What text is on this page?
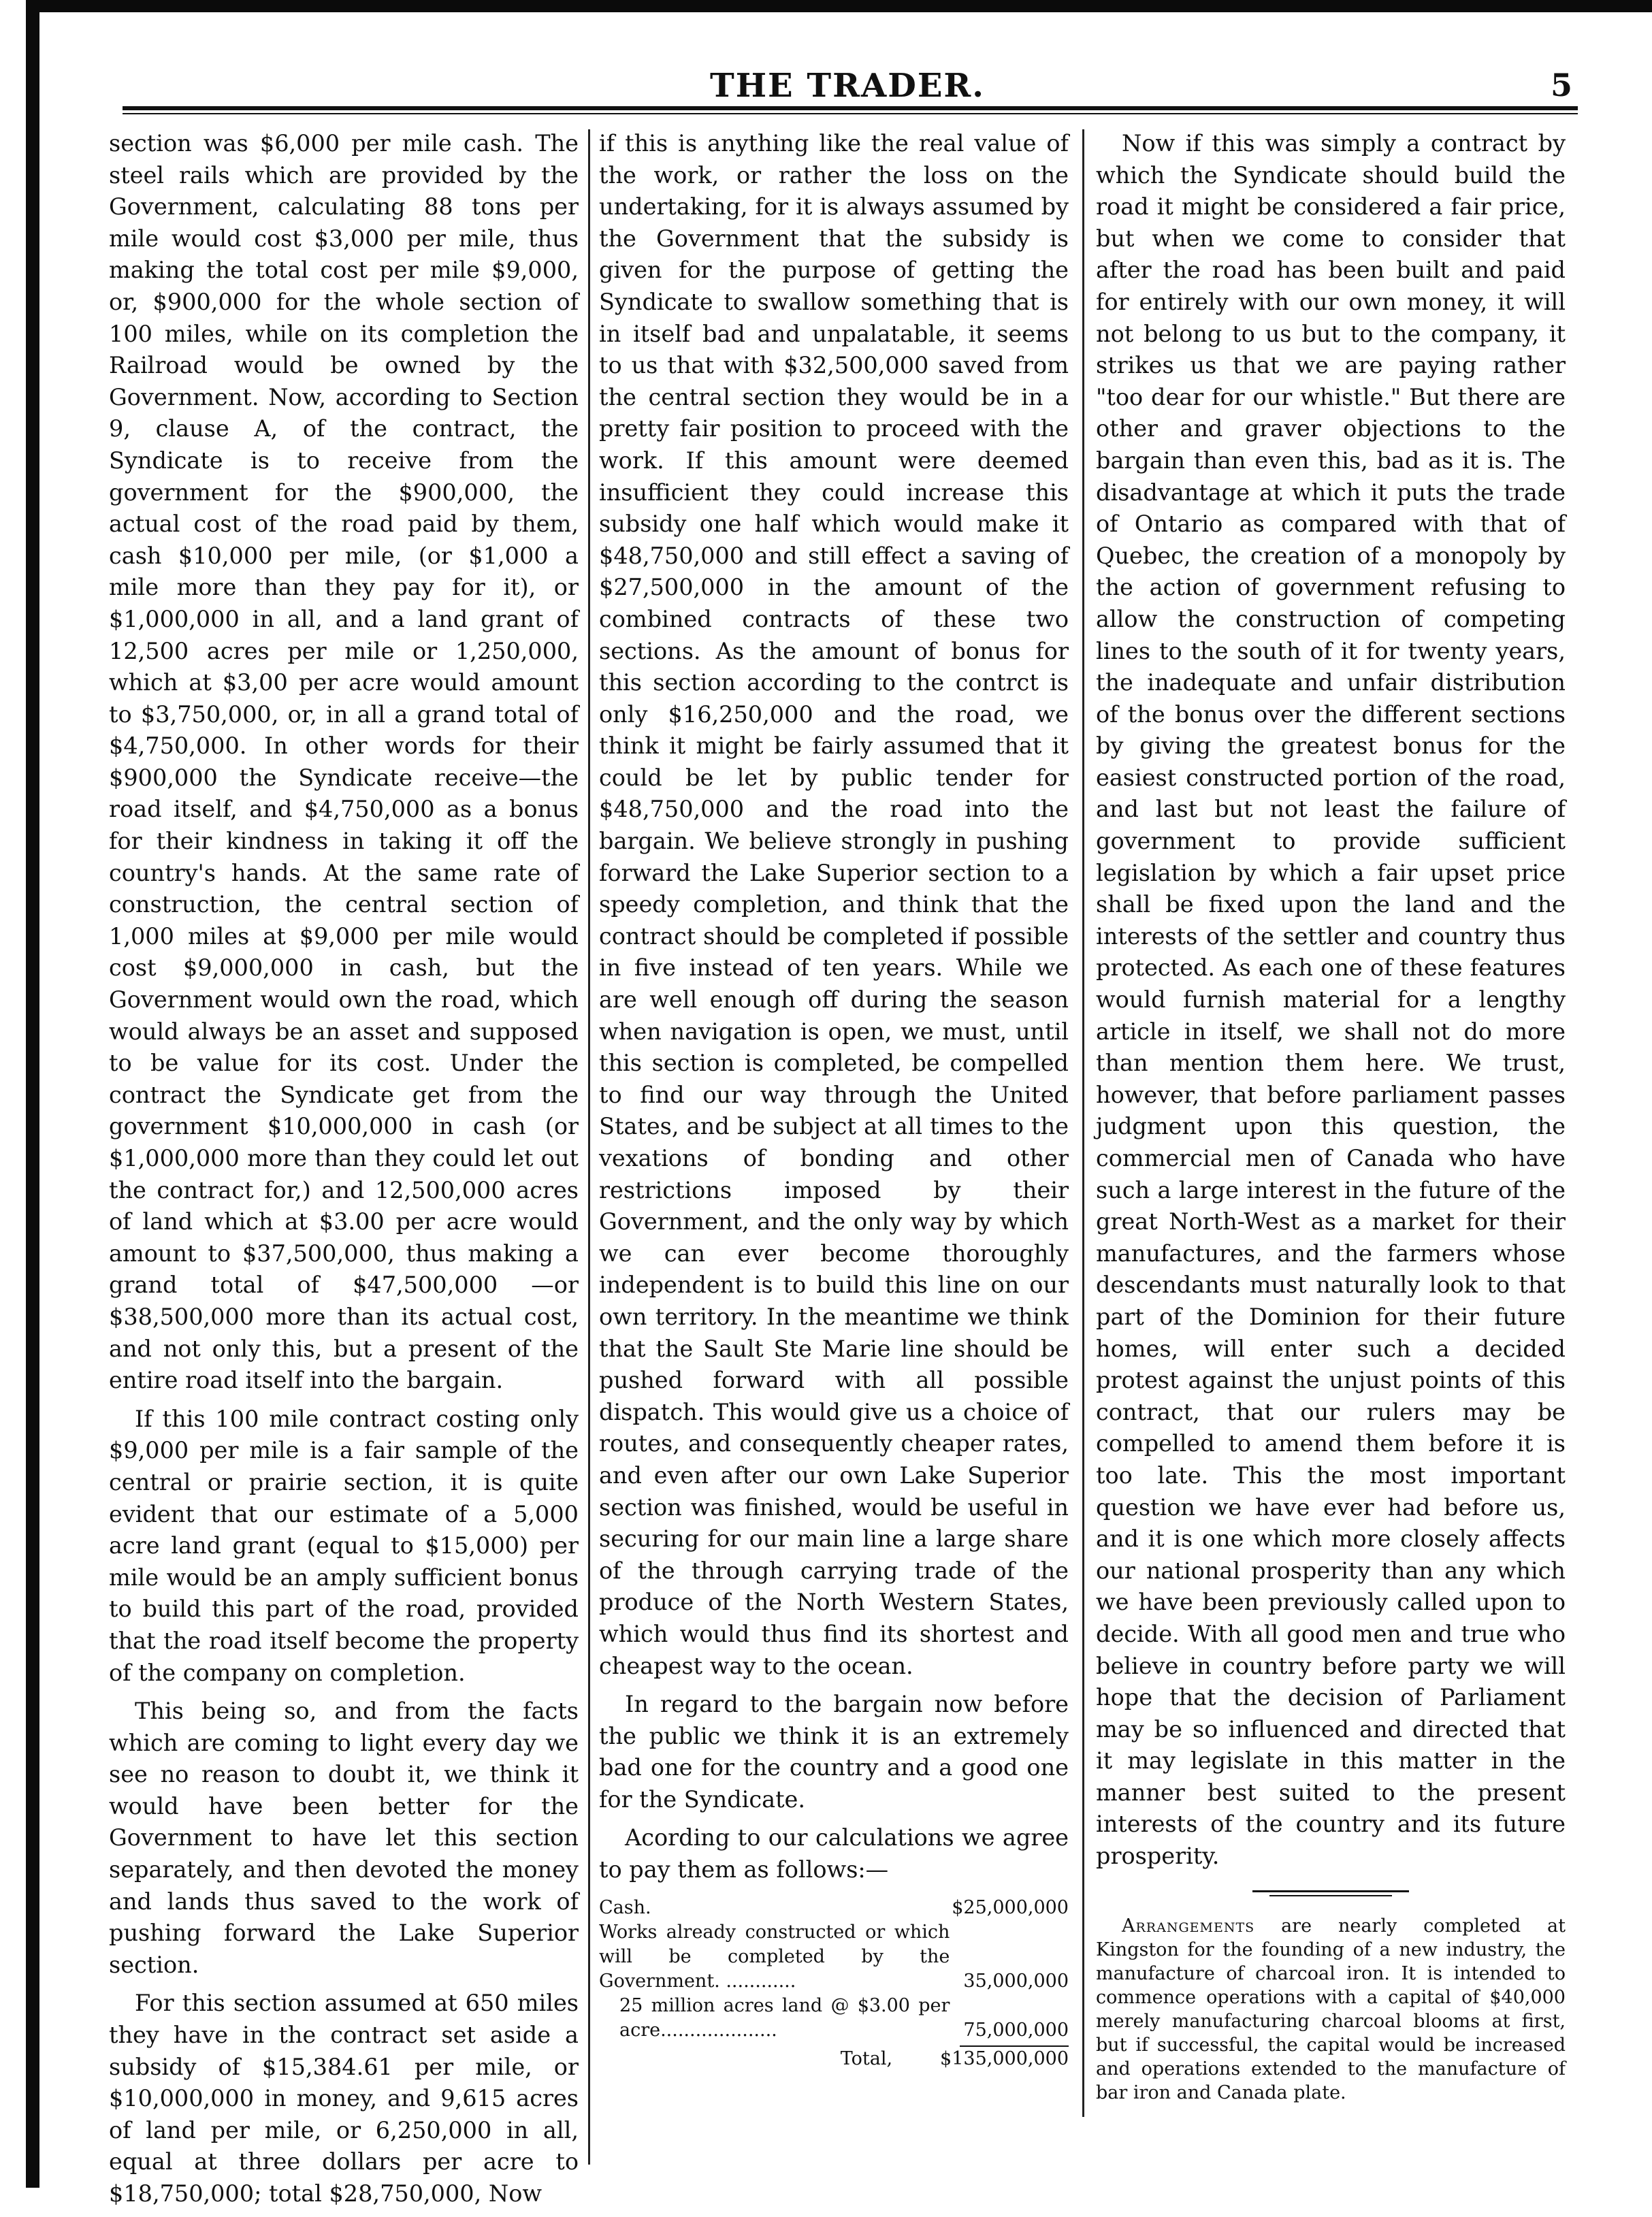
THE TRADER.	5

section was $6,000 per mile cash. The steel rails which are provided by the Government, calculating 88 tons per mile would cost $3,000 per mile, thus making the total cost per mile $9,000, or, $900,000 for the whole section of 100 miles, while on its completion the Railroad would be owned by the Government. Now, according to Section 9, clause A, of the contract, the Syndicate is to receive from the government for the $900,000, the actual cost of the road paid by them, cash $10,000 per mile, (or $1,000 a mile more than they pay for it), or $1,000,000 in all, and a land grant of 12,500 acres per mile or 1,250,000, which at $3,00 per acre would amount to $3,750,000, or, in all a grand total of $4,750,000. In other words for their $900,000 the Syndicate receive—the road itself, and $4,750,000 as a bonus for their kindness in taking it off the country's hands. At the same rate of construction, the central section of 1,000 miles at $9,000 per mile would cost $9,000,000 in cash, but the Government would own the road, which would always be an asset and supposed to be value for its cost. Under the contract the Syndicate get from the government $10,000,000 in cash (or $1,000,000 more than they could let out the contract for,) and 12,500,000 acres of land which at $3.00 per acre would amount to $37,500,000, thus making a grand total of $47,500,000 —or $38,500,000 more than its actual cost, and not only this, but a present of the entire road itself into the bargain.

If this 100 mile contract costing only $9,000 per mile is a fair sample of the central or prairie section, it is quite evident that our estimate of a 5,000 acre land grant (equal to $15,000) per mile would be an amply sufficient bonus to build this part of the road, provided that the road itself become the property of the company on completion.

This being so, and from the facts which are coming to light every day we see no reason to doubt it, we think it would have been better for the Government to have let this section separately, and then devoted the money and lands thus saved to the work of pushing forward the Lake Superior section.

For this section assumed at 650 miles they have in the contract set aside a subsidy of $15,384.61 per mile, or $10,000,000 in money, and 9,615 acres of land per mile, or 6,250,000 in all, equal at three dollars per acre to $18,750,000; total $28,750,000, Now

if this is anything like the real value of the work, or rather the loss on the undertaking, for it is always assumed by the Government that the subsidy is given for the purpose of getting the Syndicate to swallow something that is in itself bad and unpalatable, it seems to us that with $32,500,000 saved from the central section they would be in a pretty fair position to proceed with the work. If this amount were deemed insufficient they could increase this subsidy one half which would make it $48,750,000 and still effect a saving of $27,500,000 in the amount of the combined contracts of these two sections. As the amount of bonus for this section according to the contrct is only $16,250,000 and the road, we think it might be fairly assumed that it could be let by public tender for $48,750,000 and the road into the bargain. We believe strongly in pushing forward the Lake Superior section to a speedy completion, and think that the contract should be completed if possible in five instead of ten years. While we are well enough off during the season when navigation is open, we must, until this section is completed, be compelled to find our way through the United States, and be subject at all times to the vexations of bonding and other restrictions imposed by their Government, and the only way by which we can ever become thoroughly independent is to build this line on our own territory. In the meantime we think that the Sault Ste Marie line should be pushed forward with all possible dispatch. This would give us a choice of routes, and consequently cheaper rates, and even after our own Lake Superior section was finished, would be useful in securing for our main line a large share of the through carrying trade of the produce of the North Western States, which would thus find its shortest and cheapest way to the ocean.

In regard to the bargain now before the public we think it is an extremely bad one for the country and a good one for the Syndicate.

Acording to our calculations we agree to pay them as follows:—

Cash.	$25,000,000
Works already constructed or which will be completed by the Government. ............	35,000,000
25 million acres land @ $3.00 per acre....................	75,000,000
Total,	$135,000,000

Now if this was simply a contract by which the Syndicate should build the road it might be considered a fair price, but when we come to consider that after the road has been built and paid for entirely with our own money, it will not belong to us but to the company, it strikes us that we are paying rather "too dear for our whistle." But there are other and graver objections to the bargain than even this, bad as it is. The disadvantage at which it puts the trade of Ontario as compared with that of Quebec, the creation of a monopoly by the action of government refusing to allow the construction of competing lines to the south of it for twenty years, the inadequate and unfair distribution of the bonus over the different sections by giving the greatest bonus for the easiest constructed portion of the road, and last but not least the failure of government to provide sufficient legislation by which a fair upset price shall be fixed upon the land and the interests of the settler and country thus protected. As each one of these features would furnish material for a lengthy article in itself, we shall not do more than mention them here. We trust, however, that before parliament passes judgment upon this question, the commercial men of Canada who have such a large interest in the future of the great North-West as a market for their manufactures, and the farmers whose descendants must naturally look to that part of the Dominion for their future homes, will enter such a decided protest against the unjust points of this contract, that our rulers may be compelled to amend them before it is too late. This the most important question we have ever had before us, and it is one which more closely affects our national prosperity than any which we have been previously called upon to decide. With all good men and true who believe in country before party we will hope that the decision of Parliament may be so influenced and directed that it may legislate in this matter in the manner best suited to the present interests of the country and its future prosperity.

Arrangements are nearly completed at Kingston for the founding of a new industry, the manufacture of charcoal iron. It is intended to commence operations with a capital of $40,000 merely manufacturing charcoal blooms at first, but if successful, the capital would be increased and operations extended to the manufacture of bar iron and Canada plate.
